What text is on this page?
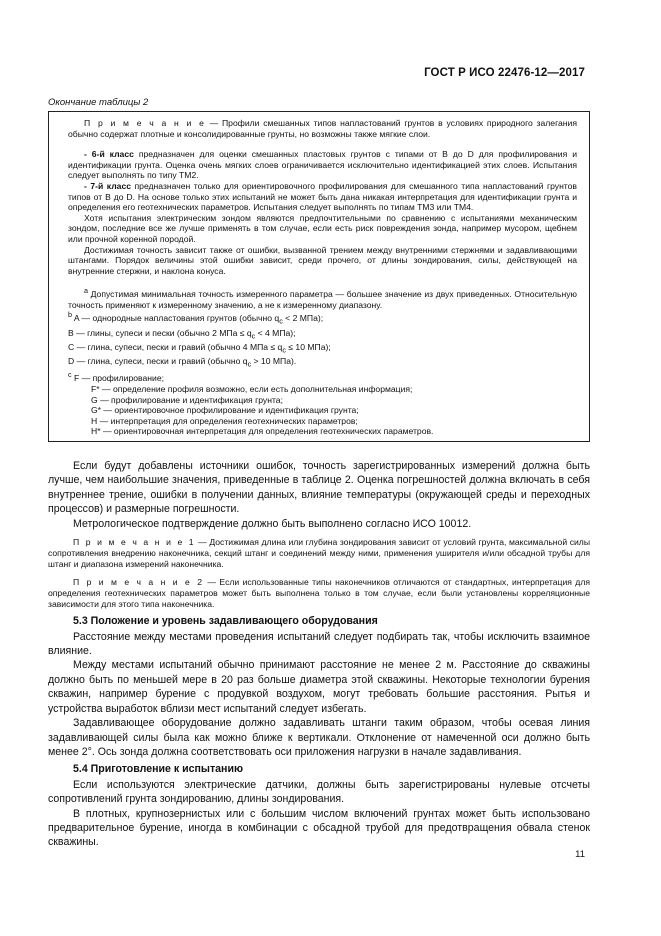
ГОСТ Р ИСО 22476-12—2017
Окончание таблицы 2

П р и м е ч а н и е — Профили смешанных типов напластований грунтов в условиях природного залегания обычно содержат плотные и консолидированные грунты, но возможны также мягкие слои.

- 6-й класс предназначен для оценки смешанных пластовых грунтов с типами от B до D для профилирования и идентификации грунта. Оценка очень мягких слоев ограничивается исключительно идентификацией этих слоев. Испытания следует выполнять по типу ТМ2.

- 7-й класс предназначен только для ориентировочного профилирования для смешанного типа напластований грунтов типов от B до D. На основе только этих испытаний не может быть дана никакая интерпретация для идентификации грунта и определения его геотехнических параметров. Испытания следует выполнять по типам ТМ3 или ТМ4.

Хотя испытания электрическим зондом являются предпочтительными по сравнению с испытаниями механическим зондом, последние все же лучше применять в том случае, если есть риск повреждения зонда, например мусором, щебнем или прочной коренной породой.

Достижимая точность зависит также от ошибки, вызванной трением между внутренними стержнями и задавливающими штангами. Порядок величины этой ошибки зависит, среди прочего, от длины зондирования, силы, действующей на внутренние стержни, и наклона конуса.

$^a$ Допустимая минимальная точность измеренного параметра — большее значение из двух приведенных. Относительную точность применяют к измеренному значению, а не к измеренному диапазону.

$^b$ A — однородные напластования грунтов (обычно $q_c < 2$ МПа);

B — глины, супеси и пески (обычно 2 МПа ≤ $q_c < 4$ МПа);

C — глина, супеси, пески и гравий (обычно 4 МПа ≤ $q_c \le 10$ МПа);

D — глина, супеси, пески и гравий (обычно $q_c > 10$ МПа).

$^c$ F — профилирование;

F* — определение профиля возможно, если есть дополнительная информация;

G — профилирование и идентификация грунта;

G* — ориентировочное профилирование и идентификация грунта;

H — интерпретация для определения геотехнических параметров;

H* — ориентировочная интерпретация для определения геотехнических параметров.

Если будут добавлены источники ошибок, точность зарегистрированных измерений должна быть лучше, чем наибольшие значения, приведенные в таблице 2. Оценка погрешностей должна включать в себя внутреннее трение, ошибки в получении данных, влияние температуры (окружающей среды и переходных процессов) и размерные погрешности.

Метрологическое подтверждение должно быть выполнено согласно ИСО 10012.

П р и м е ч а н и е 1 — Достижимая длина или глубина зондирования зависит от условий грунта, максимальной силы сопротивления внедрению наконечника, секций штанг и соединений между ними, применения уширителя и/или обсадной трубы для штанг и диапазона измерений наконечника.

П р и м е ч а н и е 2 — Если использованные типы наконечников отличаются от стандартных, интерпретация для определения геотехнических параметров может быть выполнена только в том случае, если были установлены корреляционные зависимости для этого типа наконечника.

5.3 Положение и уровень задавливающего оборудования

Расстояние между местами проведения испытаний следует подбирать так, чтобы исключить взаимное влияние.

Между местами испытаний обычно принимают расстояние не менее 2 м. Расстояние до скважины должно быть по меньшей мере в 20 раз больше диаметра этой скважины. Некоторые технологии бурения скважин, например бурение с продувкой воздухом, могут требовать большие расстояния. Рытья и устройства выработок вблизи мест испытаний следует избегать.

Задавливающее оборудование должно задавливать штанги таким образом, чтобы осевая линия задавливающей силы была как можно ближе к вертикали. Отклонение от намеченной оси должно быть менее 2°. Ось зонда должна соответствовать оси приложения нагрузки в начале задавливания.

5.4 Приготовление к испытанию

Если используются электрические датчики, должны быть зарегистрированы нулевые отсчеты сопротивлений грунта зондированию, длины зондирования.

В плотных, крупнозернистых или с большим числом включений грунтах может быть использовано предварительное бурение, иногда в комбинации с обсадной трубой для предотвращения обвала стенок скважины.

11
